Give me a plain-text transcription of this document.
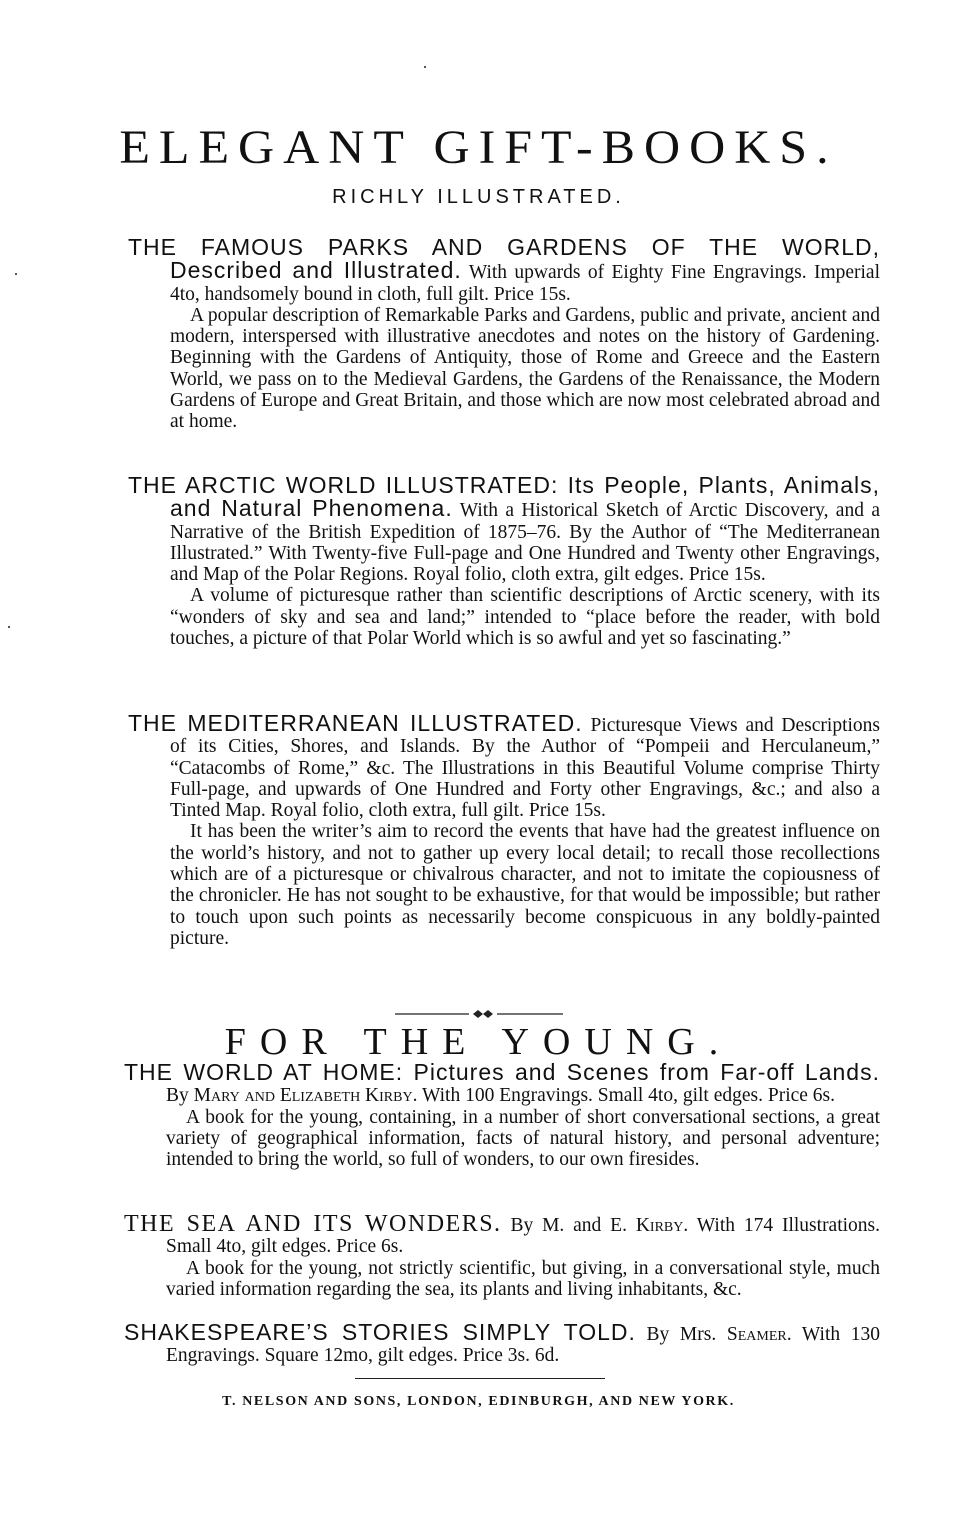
ELEGANT GIFT-BOOKS.

RICHLY ILLUSTRATED.

THE FAMOUS PARKS AND GARDENS OF THE WORLD, Described and Illustrated. With upwards of Eighty Fine Engravings. Imperial 4to, handsomely bound in cloth, full gilt. Price 15s.

A popular description of Remarkable Parks and Gardens, public and private, ancient and modern, interspersed with illustrative anecdotes and notes on the history of Gardening. Beginning with the Gardens of Antiquity, those of Rome and Greece and the Eastern World, we pass on to the Medieval Gardens, the Gardens of the Renaissance, the Modern Gardens of Europe and Great Britain, and those which are now most celebrated abroad and at home.

THE ARCTIC WORLD ILLUSTRATED: Its People, Plants, Animals, and Natural Phenomena. With a Historical Sketch of Arctic Discovery, and a Narrative of the British Expedition of 1875–76. By the Author of “The Mediterranean Illustrated.” With Twenty-five Full-page and One Hundred and Twenty other Engravings, and Map of the Polar Regions. Royal folio, cloth extra, gilt edges. Price 15s.

A volume of picturesque rather than scientific descriptions of Arctic scenery, with its “wonders of sky and sea and land;” intended to “place before the reader, with bold touches, a picture of that Polar World which is so awful and yet so fascinating.”

THE MEDITERRANEAN ILLUSTRATED. Picturesque Views and Descriptions of its Cities, Shores, and Islands. By the Author of “Pompeii and Herculaneum,” “Catacombs of Rome,” &c. The Illustrations in this Beautiful Volume comprise Thirty Full-page, and upwards of One Hundred and Forty other Engravings, &c.; and also a Tinted Map. Royal folio, cloth extra, full gilt. Price 15s.

It has been the writer’s aim to record the events that have had the greatest influence on the world’s history, and not to gather up every local detail; to recall those recollections which are of a picturesque or chivalrous character, and not to imitate the copiousness of the chronicler. He has not sought to be exhaustive, for that would be impossible; but rather to touch upon such points as necessarily become conspicuous in any boldly-painted picture.

FOR THE YOUNG.

THE WORLD AT HOME: Pictures and Scenes from Far-off Lands. By Mary and Elizabeth Kirby. With 100 Engravings. Small 4to, gilt edges. Price 6s.

A book for the young, containing, in a number of short conversational sections, a great variety of geographical information, facts of natural history, and personal adventure; intended to bring the world, so full of wonders, to our own firesides.

THE SEA AND ITS WONDERS. By M. and E. Kirby. With 174 Illustrations. Small 4to, gilt edges. Price 6s.

A book for the young, not strictly scientific, but giving, in a conversational style, much varied information regarding the sea, its plants and living inhabitants, &c.

SHAKESPEARE’S STORIES SIMPLY TOLD. By Mrs. Seamer. With 130 Engravings. Square 12mo, gilt edges. Price 3s. 6d.

T. NELSON AND SONS, LONDON, EDINBURGH, AND NEW YORK.
